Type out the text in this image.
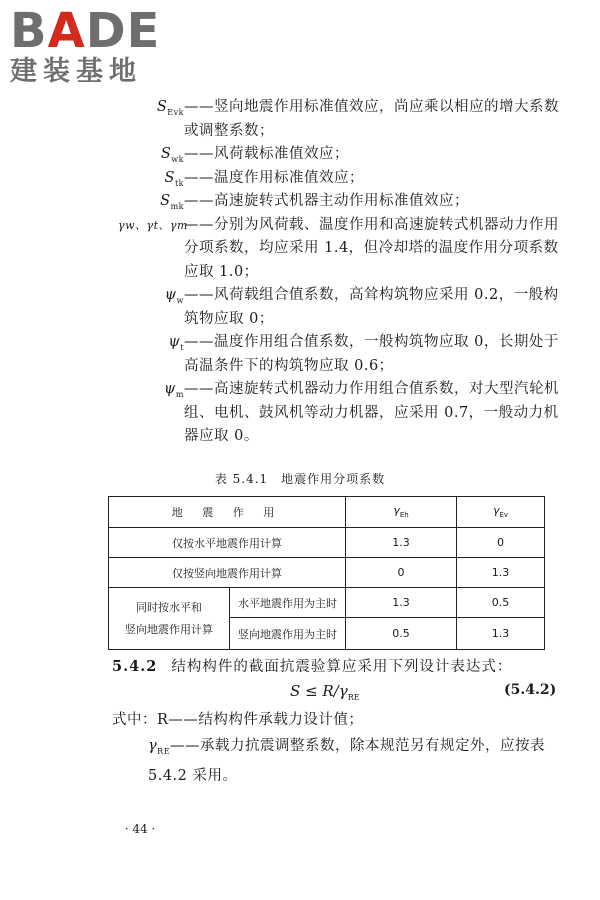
BADE
建装基地
$S_{Evk}$ ——竖向地震作用标准值效应，尚应乘以相应的增大系数或调整系数；
$S_{wk}$ ——风荷载标准值效应；
$S_{tk}$ ——温度作用标准值效应；
$S_{mk}$ ——高速旋转式机器主动作用标准值效应；
γw、γt、γm
——分别为风荷载、温度作用和高速旋转式机器动力作用分项系数，均应采用 1.4，但冷却塔的温度作用分项系数应取 1.0；
$\psi_w$ ——风荷载组合值系数，高耸构筑物应采用 0.2，一般构筑物应取 0；
$\psi_t$ ——温度作用组合值系数，一般构筑物应取 0，长期处于高温条件下的构筑物应取 0.6；
$\psi_m$ ——高速旋转式机器动力作用组合值系数，对大型汽轮机组、电机、鼓风机等动力机器，应采用 0.7，一般动力机器应取 0。
表 5.4.1　地震作用分项系数
地 震 作 用		$\gamma_{Eh}$	$\gamma_{Ev}$
仅按水平地震作用计算		1.3	0
仅按竖向地震作用计算		0	1.3
同时按水平和
竖向地震作用计算	水平地震作用为主时	1.3	0.5
	竖向地震作用为主时	0.5	1.3
5.4.2 结构构件的截面抗震验算应采用下列设计表达式：
$S \le R/\gamma_{RE}$	(5.4.2)
式中：R——结构构件承载力设计值；
$\gamma_{RE}——$承载力抗震调整系数，除本规范另有规定外，应按表 5.4.2 采用。
· 44 ·
